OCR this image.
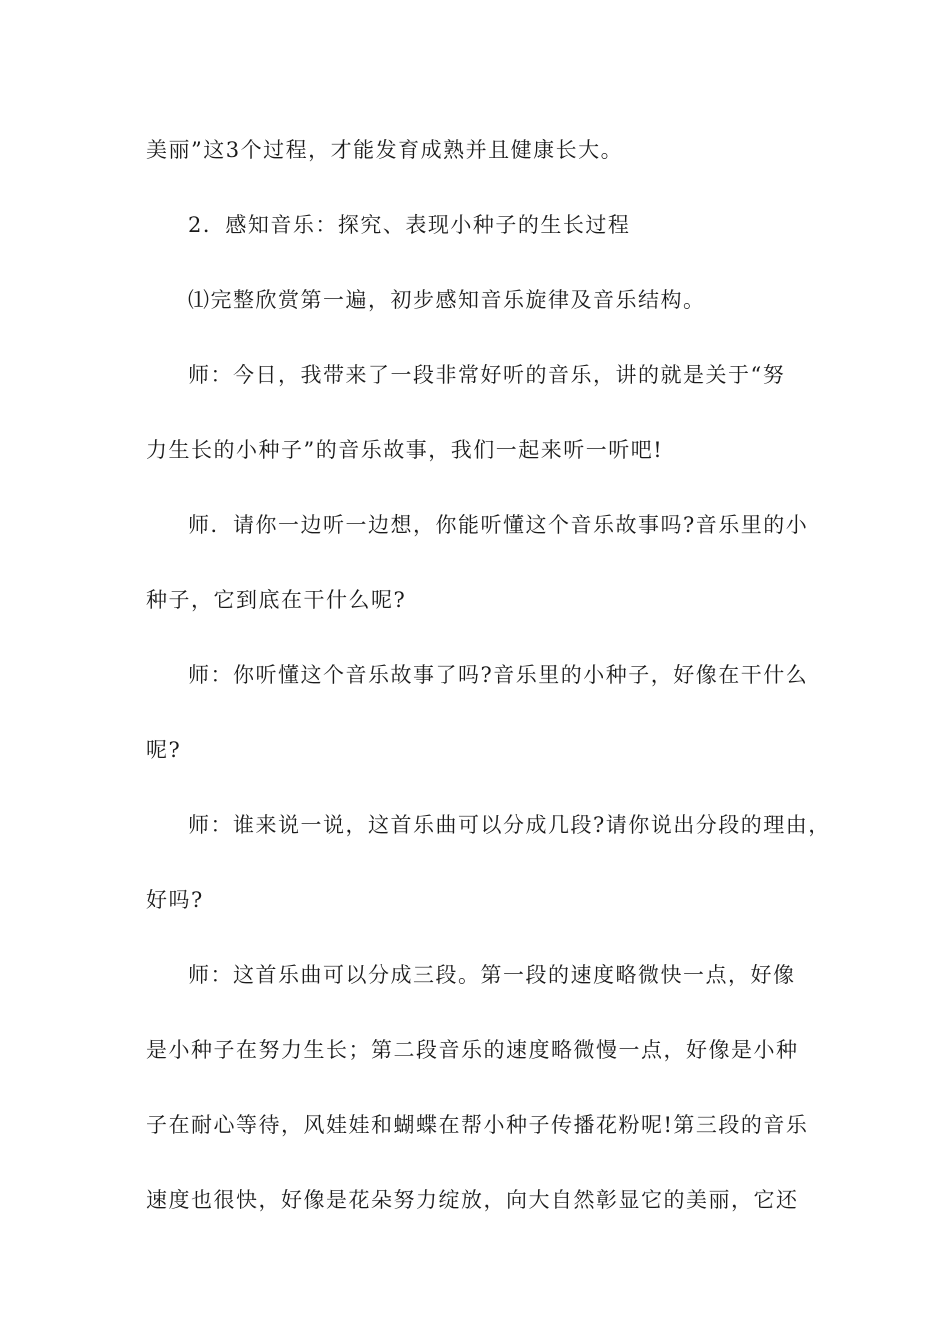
美丽”这3个过程，才能发育成熟并且健康长大。
2．感知音乐：探究、表现小种子的生长过程
⑴完整欣赏第一遍，初步感知音乐旋律及音乐结构。
师：今日，我带来了一段非常好听的音乐，讲的就是关于“努
力生长的小种子”的音乐故事，我们一起来听一听吧!
师．请你一边听一边想，你能听懂这个音乐故事吗?音乐里的小
种子，它到底在干什么呢?
师：你听懂这个音乐故事了吗?音乐里的小种子，好像在干什么
呢?
师：谁来说一说，这首乐曲可以分成几段?请你说出分段的理由，
好吗?
师：这首乐曲可以分成三段。第一段的速度略微快一点，好像
是小种子在努力生长；第二段音乐的速度略微慢一点，好像是小种
子在耐心等待，风娃娃和蝴蝶在帮小种子传播花粉呢!第三段的音乐
速度也很快，好像是花朵努力绽放，向大自然彰显它的美丽，它还
